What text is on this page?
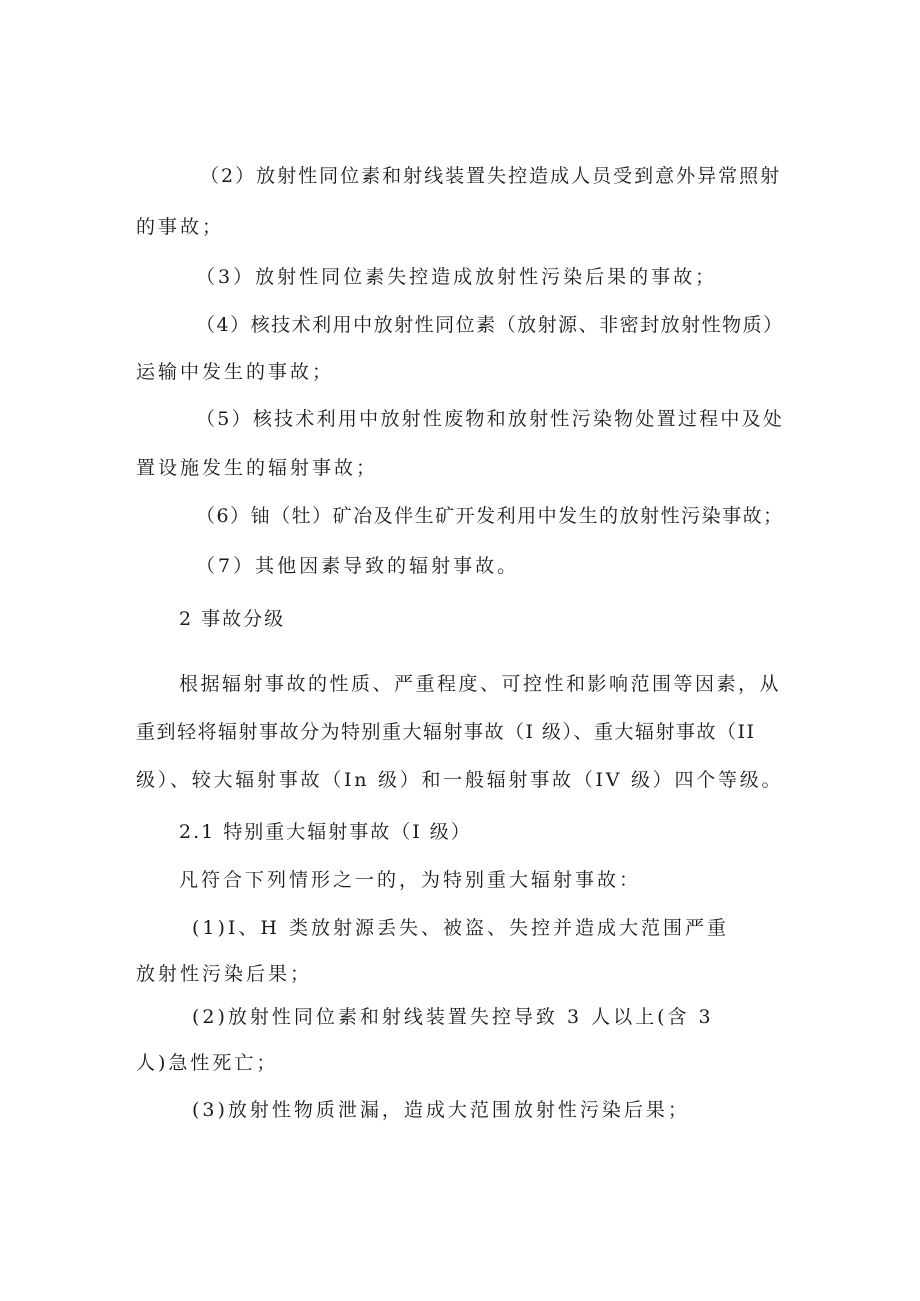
（2）放射性同位素和射线装置失控造成人员受到意外异常照射

的事故；

（3）放射性同位素失控造成放射性污染后果的事故；

（4）核技术利用中放射性同位素（放射源、非密封放射性物质）

运输中发生的事故；

（5）核技术利用中放射性废物和放射性污染物处置过程中及处

置设施发生的辐射事故；

（6）铀（牡）矿冶及伴生矿开发利用中发生的放射性污染事故；

（7）其他因素导致的辐射事故。

2 事故分级

根据辐射事故的性质、严重程度、可控性和影响范围等因素，从

重到轻将辐射事故分为特别重大辐射事故（I 级）、重大辐射事故（II

级）、较大辐射事故（In 级）和一般辐射事故（IV 级）四个等级。

2.1 特别重大辐射事故（I 级）

凡符合下列情形之一的，为特别重大辐射事故：

(1)I、H 类放射源丢失、被盗、失控并造成大范围严重

放射性污染后果；

(2)放射性同位素和射线装置失控导致 3 人以上(含 3

人)急性死亡；

(3)放射性物质泄漏，造成大范围放射性污染后果；
